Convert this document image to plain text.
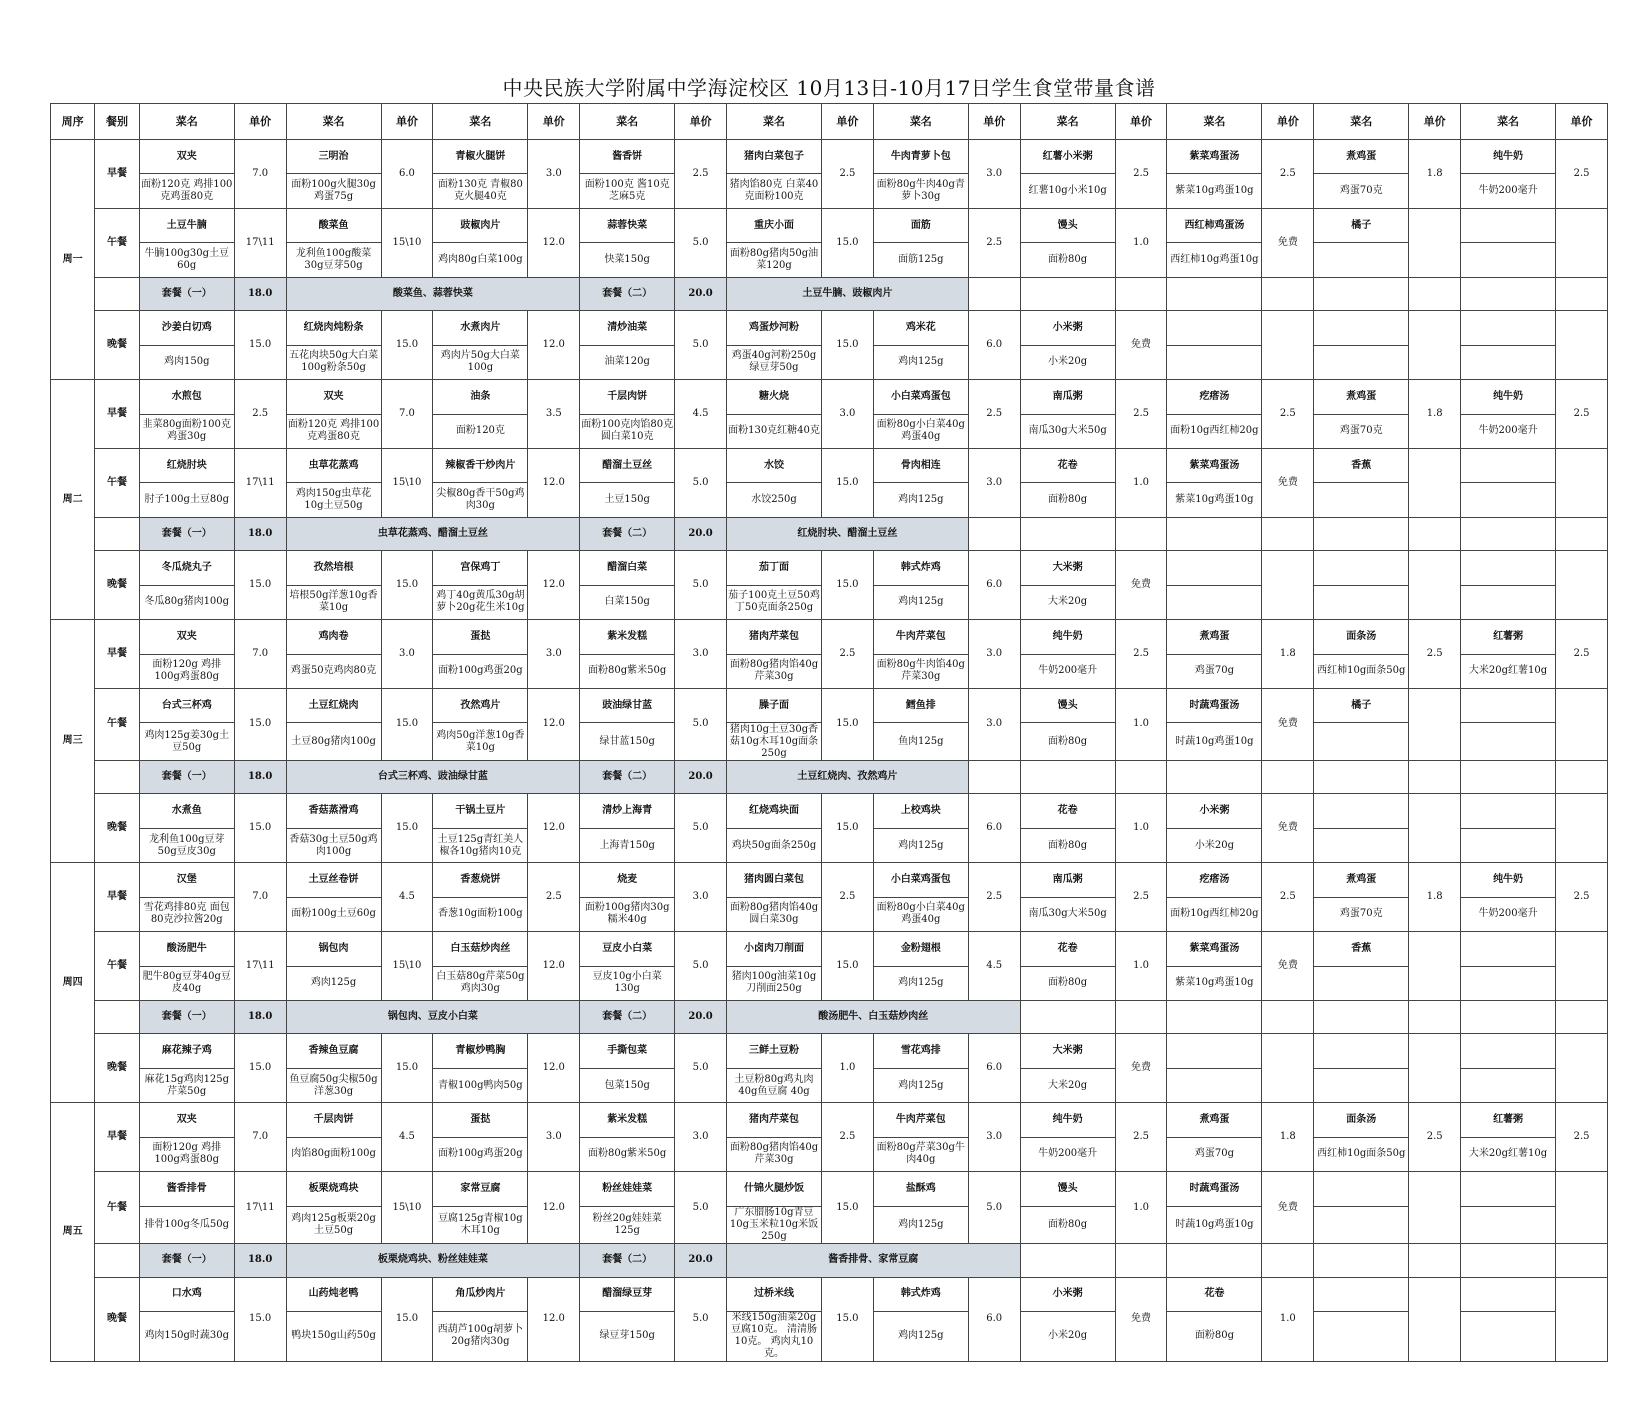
中央民族大学附属中学海淀校区 10月13日-10月17日学生食堂带量食谱
周序	餐别	菜名	单价	菜名	单价	菜名	单价	菜名	单价	菜名	单价	菜名	单价	菜名	单价	菜名	单价	菜名	单价	菜名	单价
周一	早餐	双夹	7.0	三明治	6.0	青椒火腿饼	3.0	酱香饼	2.5	猪肉白菜包子	2.5	牛肉青萝卜包	3.0	红薯小米粥	2.5	紫菜鸡蛋汤	2.5	煮鸡蛋	1.8	纯牛奶	2.5
		面粉120克 鸡排100克鸡蛋80克		面粉100g火腿30g鸡蛋75g		面粉130克 青椒80克火腿40克		面粉100克 酱10克 芝麻5克		猪肉馅80克 白菜40克面粉100克		面粉80g牛肉40g青萝卜30g		红薯10g小米10g		紫菜10g鸡蛋10g		鸡蛋70克		牛奶200毫升	
	午餐	土豆牛腩	17\11	酸菜鱼	15\10	豉椒肉片	12.0	蒜蓉快菜	5.0	重庆小面	15.0	面筋	2.5	馒头	1.0	西红柿鸡蛋汤	免费	橘子			
		牛腩100g30g土豆60g		龙利鱼100g酸菜30g豆芽50g		鸡肉80g白菜100g		快菜150g		面粉80g猪肉50g油菜120g		面筋125g		面粉80g		西红柿10g鸡蛋10g					
		套餐（一）	18.0	酸菜鱼、蒜蓉快菜				套餐（二）	20.0	土豆牛腩、豉椒肉片											
	晚餐	沙姜白切鸡	15.0	红烧肉炖粉条	15.0	水煮肉片	12.0	清炒油菜	5.0	鸡蛋炒河粉	15.0	鸡米花	6.0	小米粥	免费						
		鸡肉150g		五花肉块50g大白菜100g粉条50g		鸡肉片50g大白菜100g		油菜120g		鸡蛋40g河粉250g绿豆芽50g		鸡肉125g		小米20g							
周二	早餐	水煎包	2.5	双夹	7.0	油条	3.5	千层肉饼	4.5	糖火烧	3.0	小白菜鸡蛋包	2.5	南瓜粥	2.5	疙瘩汤	2.5	煮鸡蛋	1.8	纯牛奶	2.5
		韭菜80g面粉100克鸡蛋30g		面粉120克 鸡排100克鸡蛋80克		面粉120克		面粉100克肉馅80克圆白菜10克		面粉130克红糖40克		面粉80g小白菜40g鸡蛋40g		南瓜30g大米50g		面粉10g西红柿20g		鸡蛋70克		牛奶200毫升	
	午餐	红烧肘块	17\11	虫草花蒸鸡	15\10	辣椒香干炒肉片	12.0	醋溜土豆丝	5.0	水饺	15.0	骨肉相连	3.0	花卷	1.0	紫菜鸡蛋汤	免费	香蕉			
		肘子100g土豆80g		鸡肉150g虫草花10g土豆50g		尖椒80g香干50g鸡肉30g		土豆150g		水饺250g		鸡肉125g		面粉80g		紫菜10g鸡蛋10g					
		套餐（一）	18.0	虫草花蒸鸡、醋溜土豆丝				套餐（二）	20.0	红烧肘块、醋溜土豆丝											
	晚餐	冬瓜烧丸子	15.0	孜然培根	15.0	宫保鸡丁	12.0	醋溜白菜	5.0	茄丁面	15.0	韩式炸鸡	6.0	大米粥	免费						
		冬瓜80g猪肉100g		培根50g洋葱10g香菜10g		鸡丁40g黄瓜30g胡萝卜20g花生米10g		白菜150g		茄子100克土豆50鸡丁50克面条250g		鸡肉125g		大米20g							
周三	早餐	双夹	7.0	鸡肉卷	3.0	蛋挞	3.0	紫米发糕	3.0	猪肉芹菜包	2.5	牛肉芹菜包	3.0	纯牛奶	2.5	煮鸡蛋	1.8	面条汤	2.5	红薯粥	2.5
		面粉120g 鸡排100g鸡蛋80g		鸡蛋50克鸡肉80克		面粉100g鸡蛋20g		面粉80g紫米50g		面粉80g猪肉馅40g芹菜30g		面粉80g牛肉馅40g芹菜30g		牛奶200毫升		鸡蛋70g		西红柿10g面条50g		大米20g红薯10g	
	午餐	台式三杯鸡	15.0	土豆红烧肉	15.0	孜然鸡片	12.0	豉油绿甘蓝	5.0	臊子面	15.0	鳕鱼排	3.0	馒头	1.0	时蔬鸡蛋汤	免费	橘子			
		鸡肉125g姜30g土豆50g		土豆80g猪肉100g		鸡肉50g洋葱10g香菜10g		绿甘蓝150g		猪肉10g土豆30g香菇10g木耳10g面条250g		鱼肉125g		面粉80g		时蔬10g鸡蛋10g					
		套餐（一）	18.0	台式三杯鸡、豉油绿甘蓝				套餐（二）	20.0	土豆红烧肉、孜然鸡片											
	晚餐	水煮鱼	15.0	香菇蒸滑鸡	15.0	干锅土豆片	12.0	清炒上海青	5.0	红烧鸡块面	15.0	上校鸡块	6.0	花卷	1.0	小米粥	免费				
		龙利鱼100g豆芽50g豆皮30g		香菇30g土豆50g鸡肉100g		土豆125g青红美人椒各10g猪肉10克		上海青150g		鸡块50g面条250g		鸡肉125g		面粉80g		小米20g					
周四	早餐	汉堡	7.0	土豆丝卷饼	4.5	香葱烧饼	2.5	烧麦	3.0	猪肉圆白菜包	2.5	小白菜鸡蛋包	2.5	南瓜粥	2.5	疙瘩汤	2.5	煮鸡蛋	1.8	纯牛奶	2.5
		雪花鸡排80克 面包80克沙拉酱20g		面粉100g土豆60g		香葱10g面粉100g		面粉100g猪肉30g糯米40g		面粉80g猪肉馅40g圆白菜30g		面粉80g小白菜40g鸡蛋40g		南瓜30g大米50g		面粉10g西红柿20g		鸡蛋70克		牛奶200毫升	
	午餐	酸汤肥牛	17\11	锅包肉	15\10	白玉菇炒肉丝	12.0	豆皮小白菜	5.0	小卤肉刀削面	15.0	金粉翅根	4.5	花卷	1.0	紫菜鸡蛋汤	免费	香蕉			
		肥牛80g豆芽40g豆皮40g		鸡肉125g		白玉菇80g芹菜50g鸡肉30g		豆皮10g小白菜130g		猪肉100g油菜10g刀削面250g		鸡肉125g		面粉80g		紫菜10g鸡蛋10g					
		套餐（一）	18.0	锅包肉、豆皮小白菜				套餐（二）	20.0	酸汤肥牛、白玉菇炒肉丝											
	晚餐	麻花辣子鸡	15.0	香辣鱼豆腐	15.0	青椒炒鸭胸	12.0	手撕包菜	5.0	三鲜土豆粉	1.0	雪花鸡排	6.0	大米粥	免费						
		麻花15g鸡肉125g芹菜50g		鱼豆腐50g尖椒50g洋葱30g		青椒100g鸭肉50g		包菜150g		土豆粉80g鸡丸肉40g鱼豆腐 40g		鸡肉125g		大米20g							
周五	早餐	双夹	7.0	千层肉饼	4.5	蛋挞	3.0	紫米发糕	3.0	猪肉芹菜包	2.5	牛肉芹菜包	3.0	纯牛奶	2.5	煮鸡蛋	1.8	面条汤	2.5	红薯粥	2.5
		面粉120g 鸡排100g鸡蛋80g		肉馅80g面粉100g		面粉100g鸡蛋20g		面粉80g紫米50g		面粉80g猪肉馅40g芹菜30g		面粉80g芹菜30g牛肉40g		牛奶200毫升		鸡蛋70g		西红柿10g面条50g		大米20g红薯10g	
	午餐	酱香排骨	17\11	板栗烧鸡块	15\10	家常豆腐	12.0	粉丝娃娃菜	5.0	什锦火腿炒饭	15.0	盐酥鸡	5.0	馒头	1.0	时蔬鸡蛋汤	免费				
		排骨100g冬瓜50g		鸡肉125g板栗20g土豆50g		豆腐125g青椒10g木耳10g		粉丝20g娃娃菜125g		广东腊肠10g青豆10g玉米粒10g米饭250g		鸡肉125g		面粉80g		时蔬10g鸡蛋10g					
		套餐（一）	18.0	板栗烧鸡块、粉丝娃娃菜				套餐（二）	20.0	酱香排骨、家常豆腐											
	晚餐	口水鸡	15.0	山药炖老鸭	15.0	角瓜炒肉片	12.0	醋溜绿豆芽	5.0	过桥米线	15.0	韩式炸鸡	6.0	小米粥	免费	花卷	1.0				
		鸡肉150g时蔬30g		鸭块150g山药50g		西葫芦100g胡萝卜20g猪肉30g		绿豆芽150g		米线150g油菜20g豆腐10克。 清清肠10克。 鸡肉丸10克。		鸡肉125g		小米20g		面粉80g					
